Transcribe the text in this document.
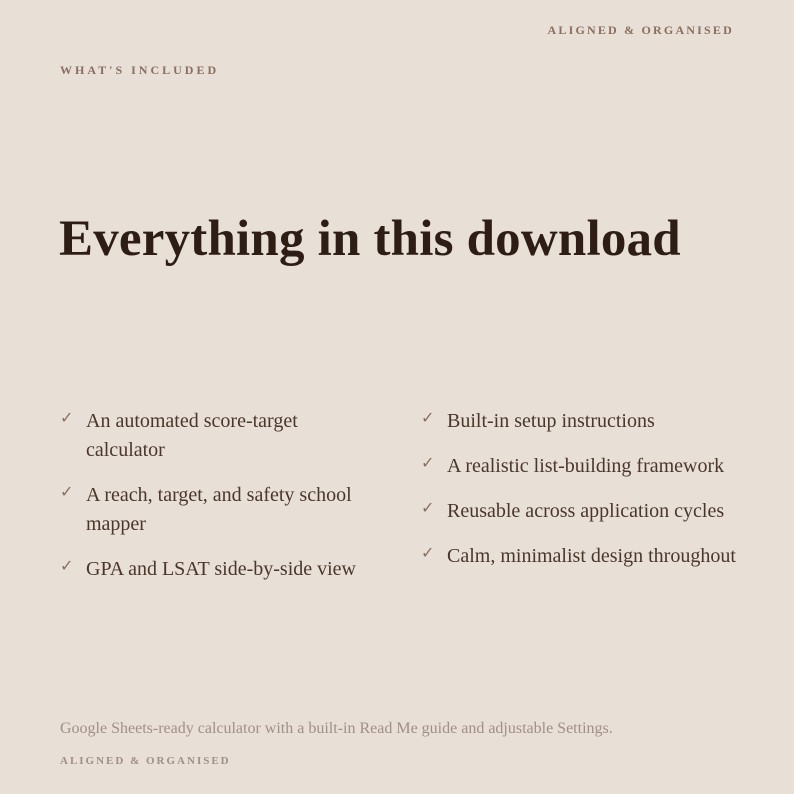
ALIGNED & ORGANISED
WHAT'S INCLUDED
Everything in this download
✓ An automated score-target calculator
✓ A reach, target, and safety school mapper
✓ GPA and LSAT side-by-side view
✓ Built-in setup instructions
✓ A realistic list-building framework
✓ Reusable across application cycles
✓ Calm, minimalist design throughout
Google Sheets-ready calculator with a built-in Read Me guide and adjustable Settings.
ALIGNED & ORGANISED
